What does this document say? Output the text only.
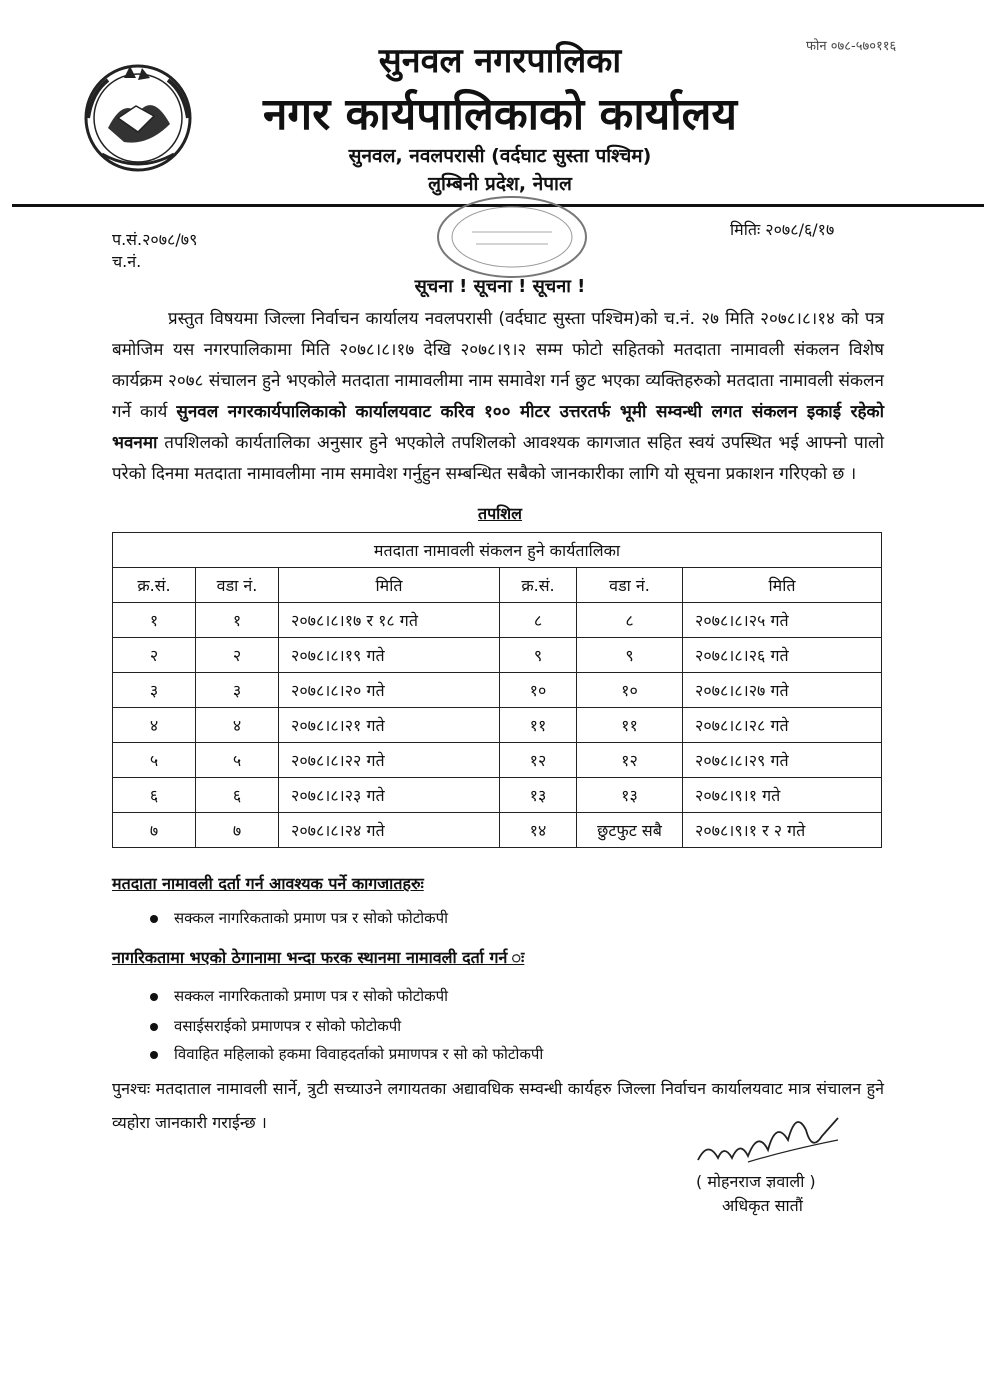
फोन ०७८-५७०११६
सुनवल नगरपालिका
नगर कार्यपालिकाको कार्यालय
सुनवल, नवलपरासी (वर्दघाट सुस्ता पश्चिम)
लुम्बिनी प्रदेश, नेपाल
प.सं.२०७८/७९
च.नं.
मितिः २०७८/६/१७
सूचना ! सूचना ! सूचना !
प्रस्तुत विषयमा जिल्ला निर्वाचन कार्यालय नवलपरासी (वर्दघाट सुस्ता पश्चिम)को च.नं. २७ मिति २०७८।८।१४ को पत्र बमोजिम यस नगरपालिकामा मिति २०७८।८।१७ देखि २०७८।९।२ सम्म फोटो सहितको मतदाता नामावली संकलन विशेष कार्यक्रम २०७८ संचालन हुने भएकोले मतदाता नामावलीमा नाम समावेश गर्न छुट भएका व्यक्तिहरुको मतदाता नामावली संकलन गर्ने कार्य सुनवल नगरकार्यपालिकाको कार्यालयवाट करिव १०० मीटर उत्तरतर्फ भूमी सम्वन्धी लगत संकलन इकाई रहेको भवनमा तपशिलको कार्यतालिका अनुसार हुने भएकोले तपशिलको आवश्यक कागजात सहित स्वयं उपस्थित भई आफ्नो पालो परेको दिनमा मतदाता नामावलीमा नाम समावेश गर्नुहुन सम्बन्धित सबैको जानकारीका लागि यो सूचना प्रकाशन गरिएको छ ।
तपशिल
मतदाता नामावली संकलन हुने कार्यतालिका					
क्र.सं.	वडा नं.	मिति	क्र.सं.	वडा नं.	मिति
१	१	२०७८।८।१७ र १८ गते	८	८	२०७८।८।२५ गते
२	२	२०७८।८।१९ गते	९	९	२०७८।८।२६ गते
३	३	२०७८।८।२० गते	१०	१०	२०७८।८।२७ गते
४	४	२०७८।८।२१ गते	११	११	२०७८।८।२८ गते
५	५	२०७८।८।२२ गते	१२	१२	२०७८।८।२९ गते
६	६	२०७८।८।२३ गते	१३	१३	२०७८।९।१ गते
७	७	२०७८।८।२४ गते	१४	छुटफुट सबै	२०७८।९।१ र २ गते
मतदाता नामावली दर्ता गर्न आवश्यक पर्ने कागजातहरुः
सक्कल नागरिकताको प्रमाण पत्र र सोको फोटोकपी
नागरिकतामा भएको ठेगानामा भन्दा फरक स्थानमा नामावली दर्ता गर्न ः
सक्कल नागरिकताको प्रमाण पत्र र सोको फोटोकपी
वसाईसराईको प्रमाणपत्र र सोको फोटोकपी
विवाहित महिलाको हकमा विवाहदर्ताको प्रमाणपत्र र सो को फोटोकपी
पुनश्चः मतदाताल नामावली सार्ने, त्रुटी सच्याउने लगायतका अद्यावधिक सम्वन्धी कार्यहरु जिल्ला निर्वाचन कार्यालयवाट मात्र संचालन हुने व्यहोरा जानकारी गराईन्छ ।
( मोहनराज ज्ञवाली )
अधिकृत सातौं
